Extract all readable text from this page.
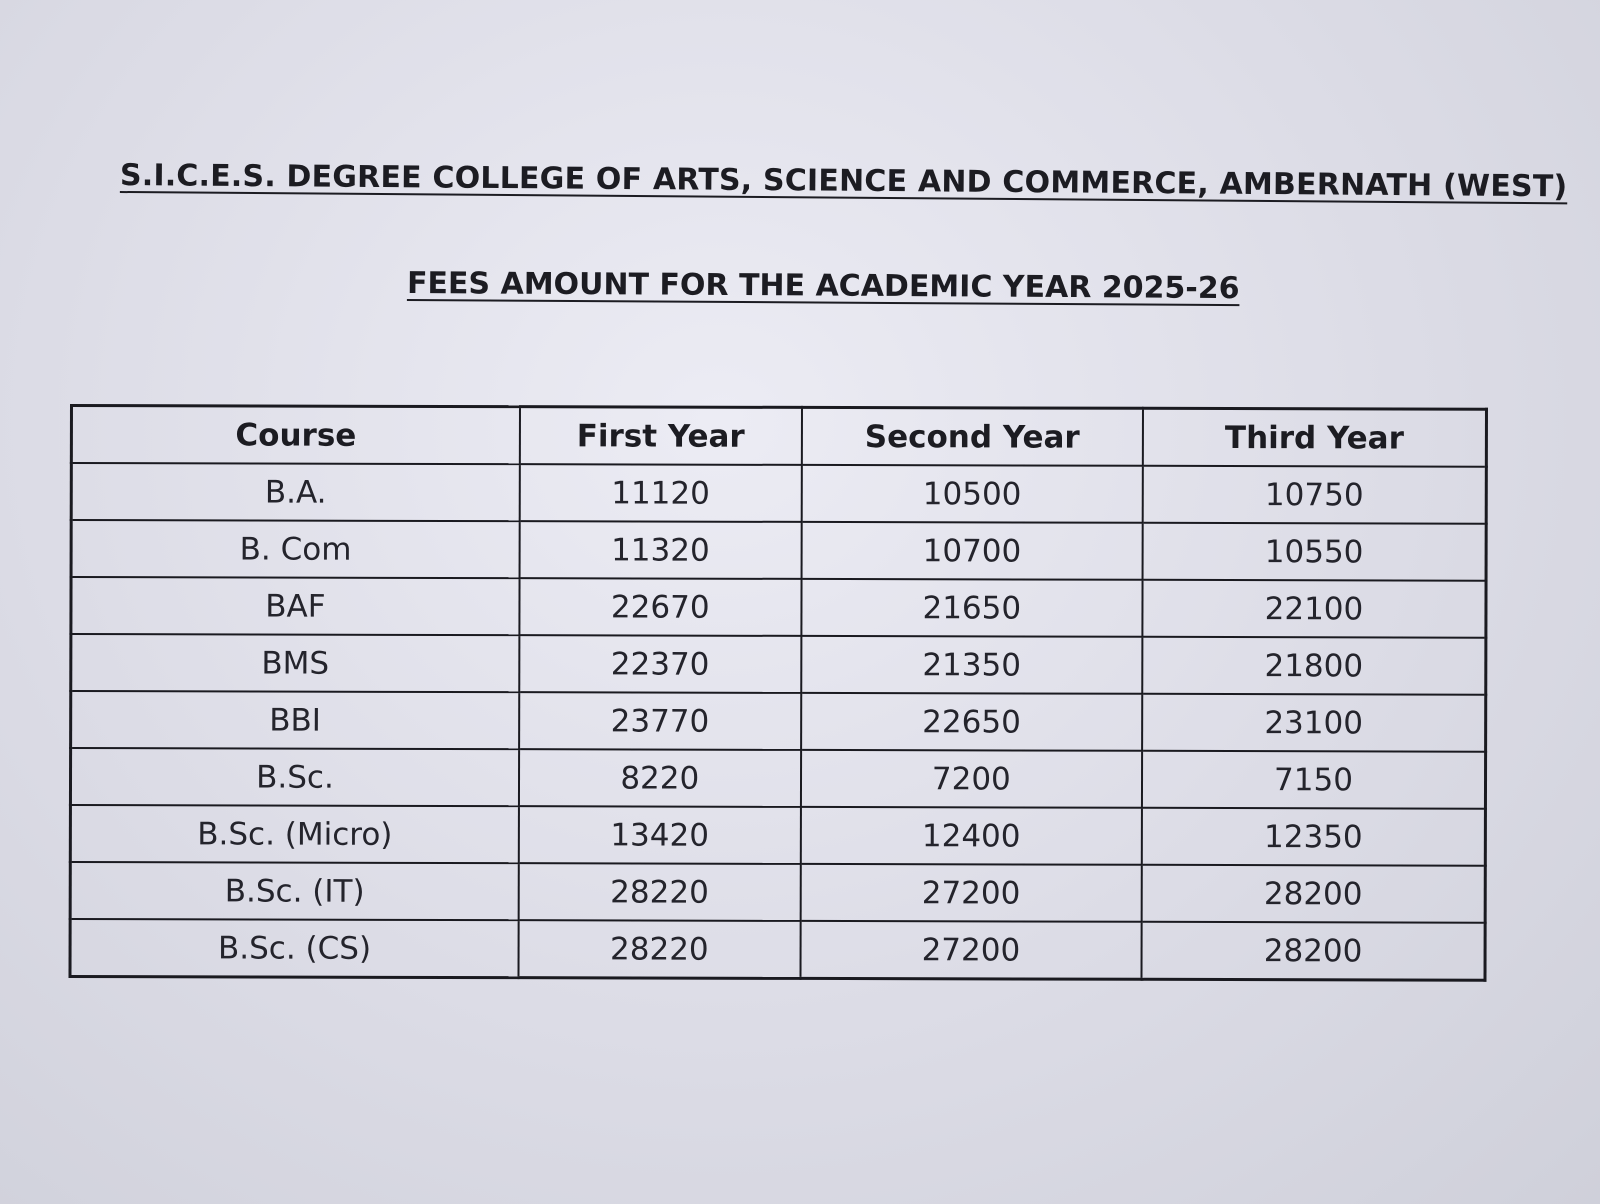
S.I.C.E.S. DEGREE COLLEGE OF ARTS, SCIENCE AND COMMERCE, AMBERNATH (WEST)
FEES AMOUNT FOR THE ACADEMIC YEAR 2025-26
Course	First Year	Second Year	Third Year
B.A.	11120	10500	10750
B. Com	11320	10700	10550
BAF	22670	21650	22100
BMS	22370	21350	21800
BBI	23770	22650	23100
B.Sc.	8220	7200	7150
B.Sc. (Micro)	13420	12400	12350
B.Sc. (IT)	28220	27200	28200
B.Sc. (CS)	28220	27200	28200
